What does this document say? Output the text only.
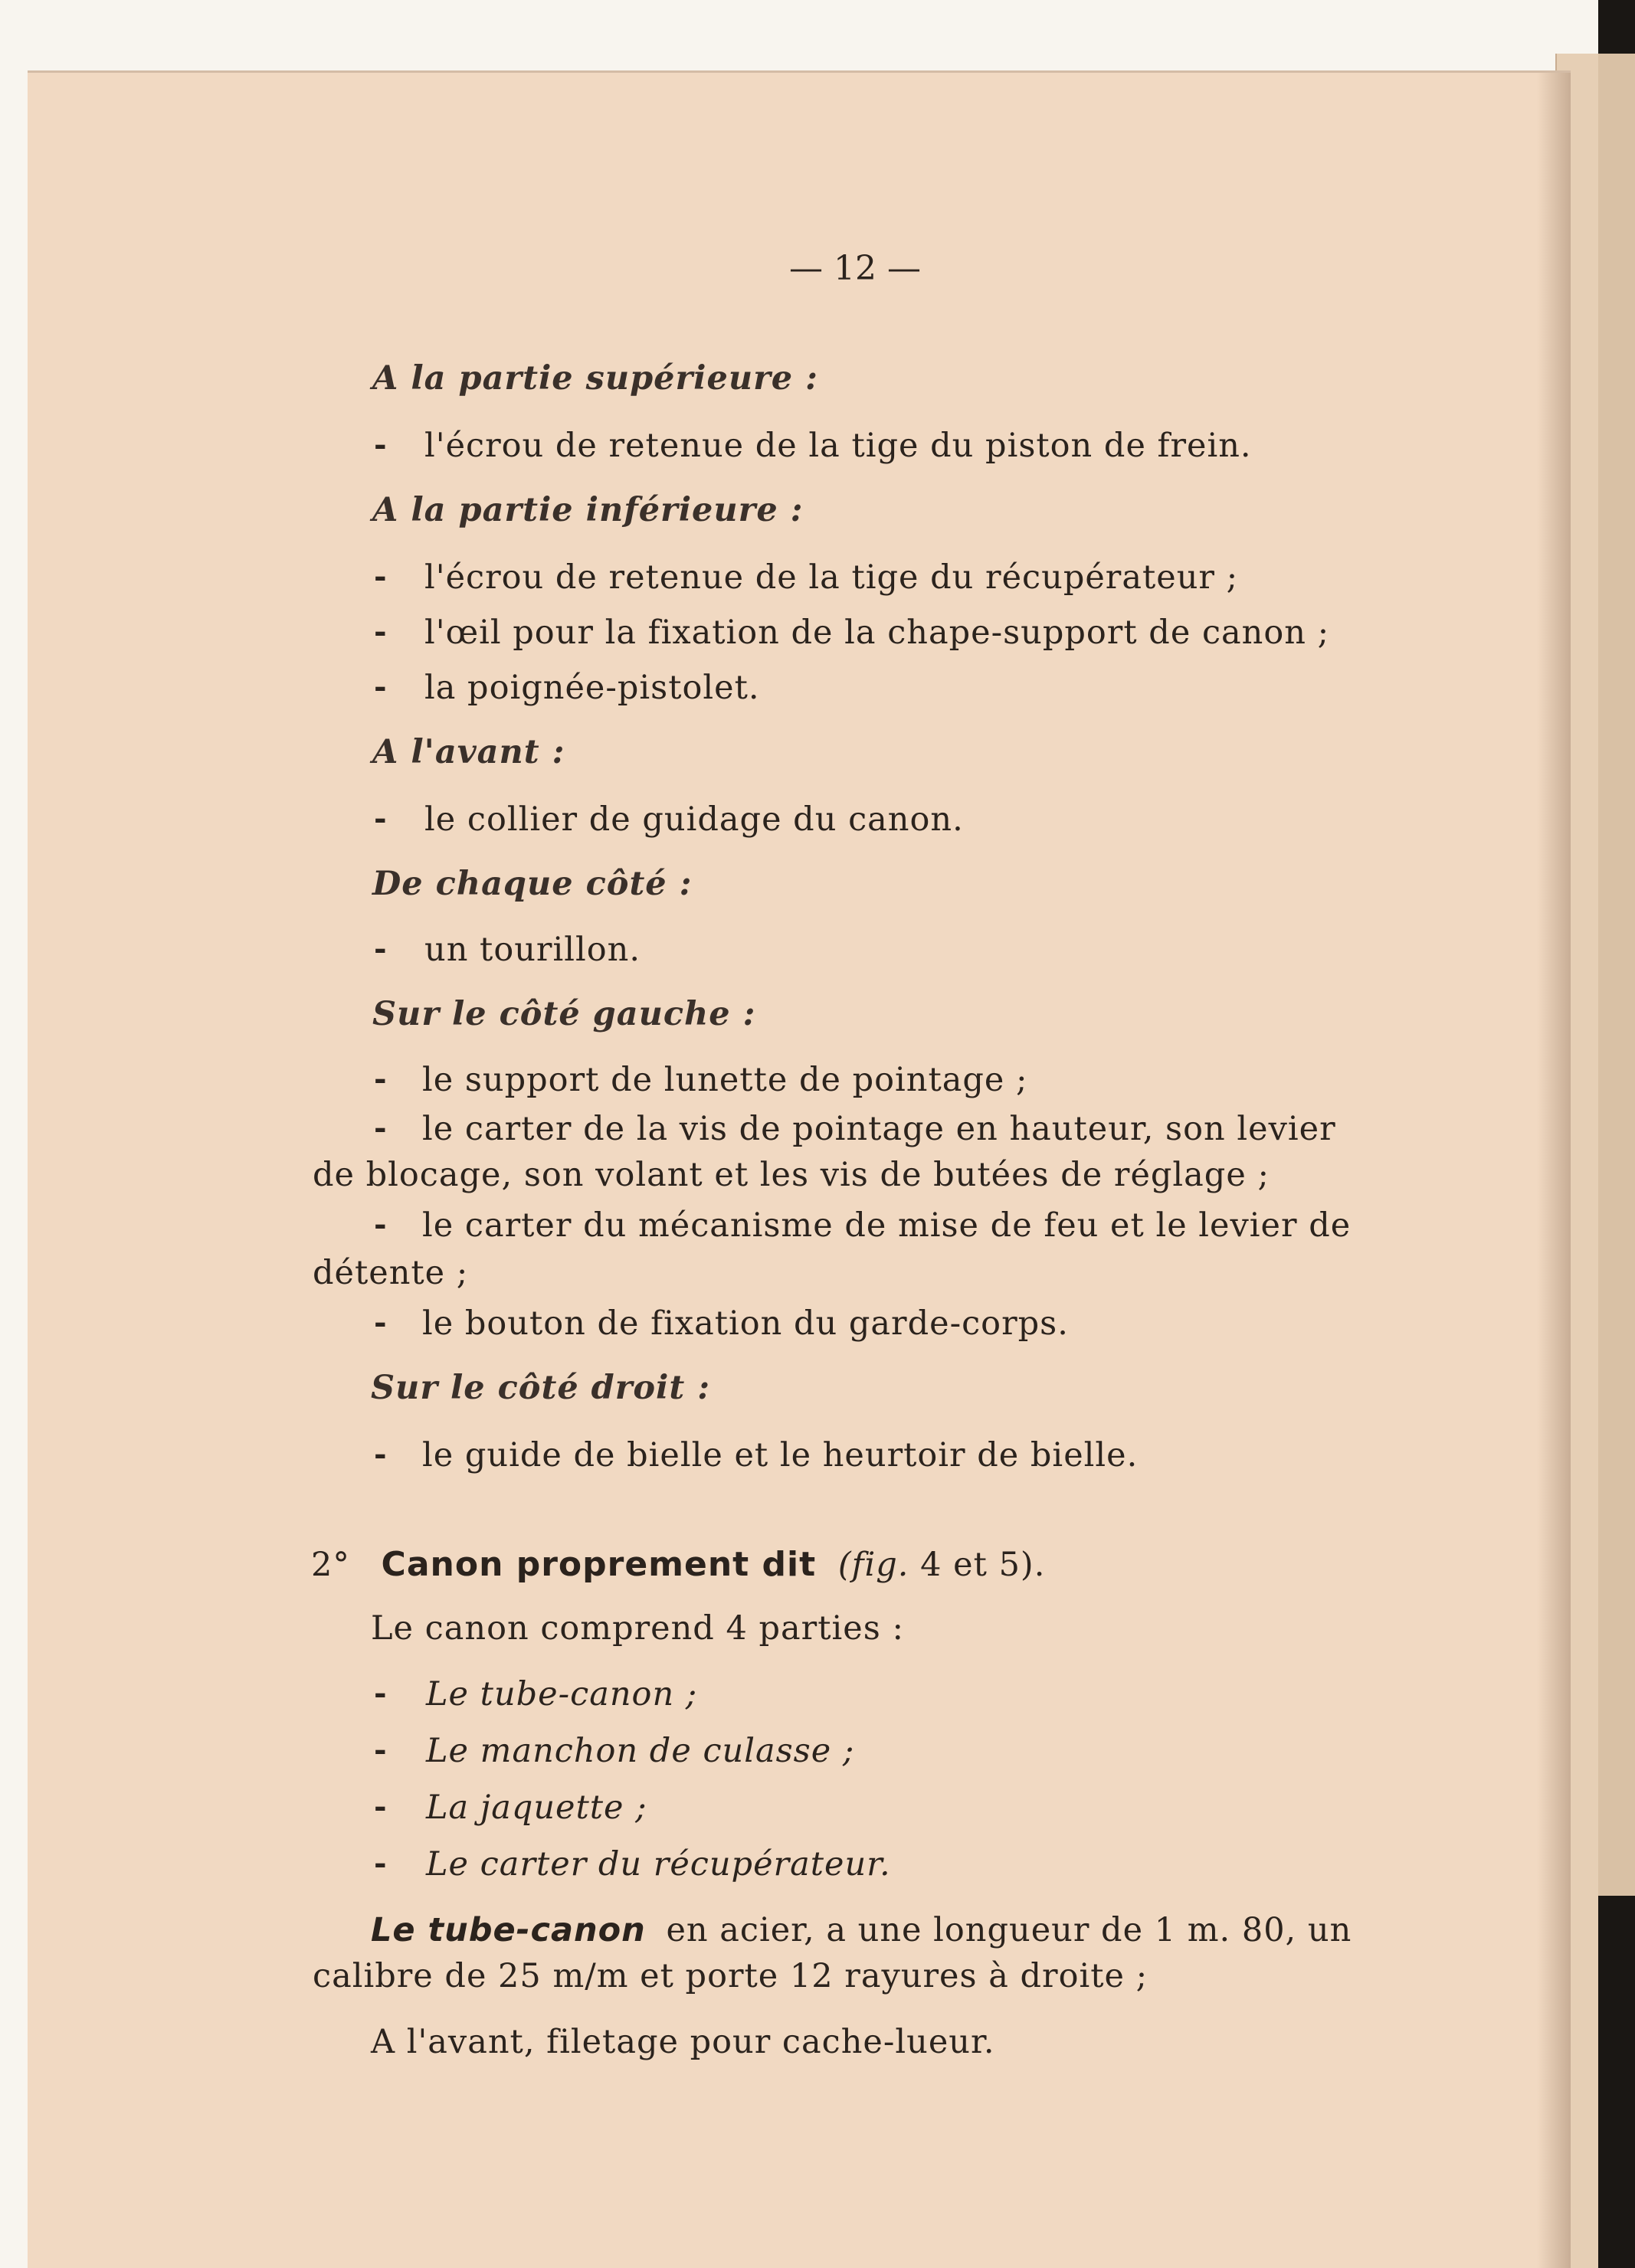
— 12 —

A la partie supérieure :

- l'écrou de retenue de la tige du piston de frein.

A la partie inférieure :

- l'écrou de retenue de la tige du récupérateur ;

- l'œil pour la fixation de la chape-support de canon ;

- la poignée-pistolet.

A l'avant :

- le collier de guidage du canon.

De chaque côté :

- un tourillon.

Sur le côté gauche :

- le support de lunette de pointage ;

- le carter de la vis de pointage en hauteur, son levier

de blocage, son volant et les vis de butées de réglage ;

- le carter du mécanisme de mise de feu et le levier de

détente ;

- le bouton de fixation du garde-corps.

Sur le côté droit :

- le guide de bielle et le heurtoir de bielle.

2° Canon proprement dit (fig. 4 et 5).

Le canon comprend 4 parties :

- Le tube-canon ;

- Le manchon de culasse ;

- La jaquette ;

- Le carter du récupérateur.

Le tube-canon en acier, a une longueur de 1 m. 80, un

calibre de 25 m/m et porte 12 rayures à droite ;

A l'avant, filetage pour cache-lueur.
